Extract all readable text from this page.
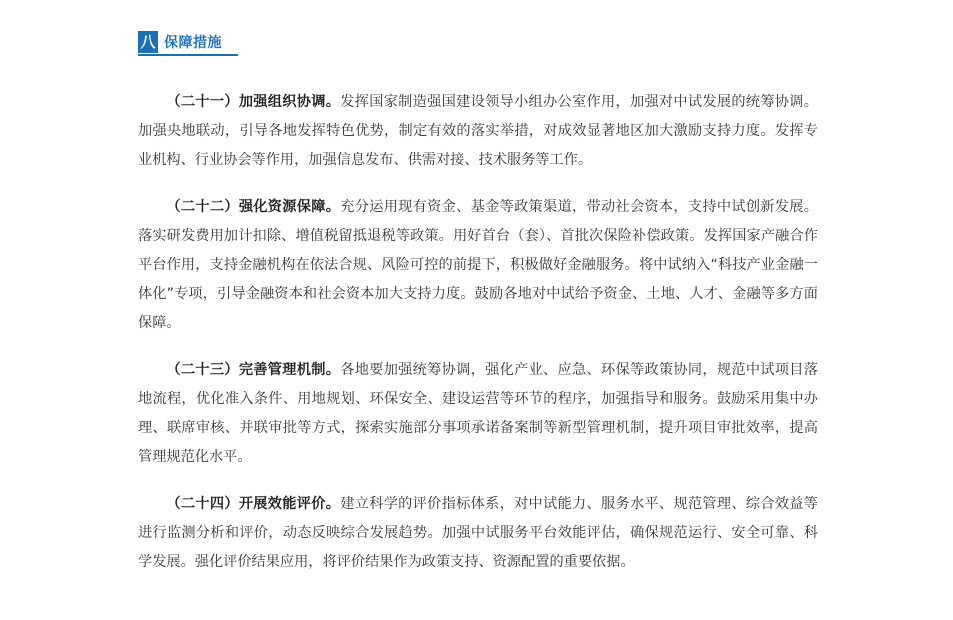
八 保障措施

（二十一）加强组织协调。发挥国家制造强国建设领导小组办公室作用，加强对中试发展的统筹协调。加强央地联动，引导各地发挥特色优势，制定有效的落实举措，对成效显著地区加大激励支持力度。发挥专业机构、行业协会等作用，加强信息发布、供需对接、技术服务等工作。

（二十二）强化资源保障。充分运用现有资金、基金等政策渠道，带动社会资本，支持中试创新发展。落实研发费用加计扣除、增值税留抵退税等政策。用好首台（套）、首批次保险补偿政策。发挥国家产融合作平台作用，支持金融机构在依法合规、风险可控的前提下，积极做好金融服务。将中试纳入“科技产业金融一体化”专项，引导金融资本和社会资本加大支持力度。鼓励各地对中试给予资金、土地、人才、金融等多方面保障。

（二十三）完善管理机制。各地要加强统筹协调，强化产业、应急、环保等政策协同，规范中试项目落地流程，优化准入条件、用地规划、环保安全、建设运营等环节的程序，加强指导和服务。鼓励采用集中办理、联席审核、并联审批等方式，探索实施部分事项承诺备案制等新型管理机制，提升项目审批效率，提高管理规范化水平。

（二十四）开展效能评价。建立科学的评价指标体系，对中试能力、服务水平、规范管理、综合效益等进行监测分析和评价，动态反映综合发展趋势。加强中试服务平台效能评估，确保规范运行、安全可靠、科学发展。强化评价结果应用，将评价结果作为政策支持、资源配置的重要依据。
